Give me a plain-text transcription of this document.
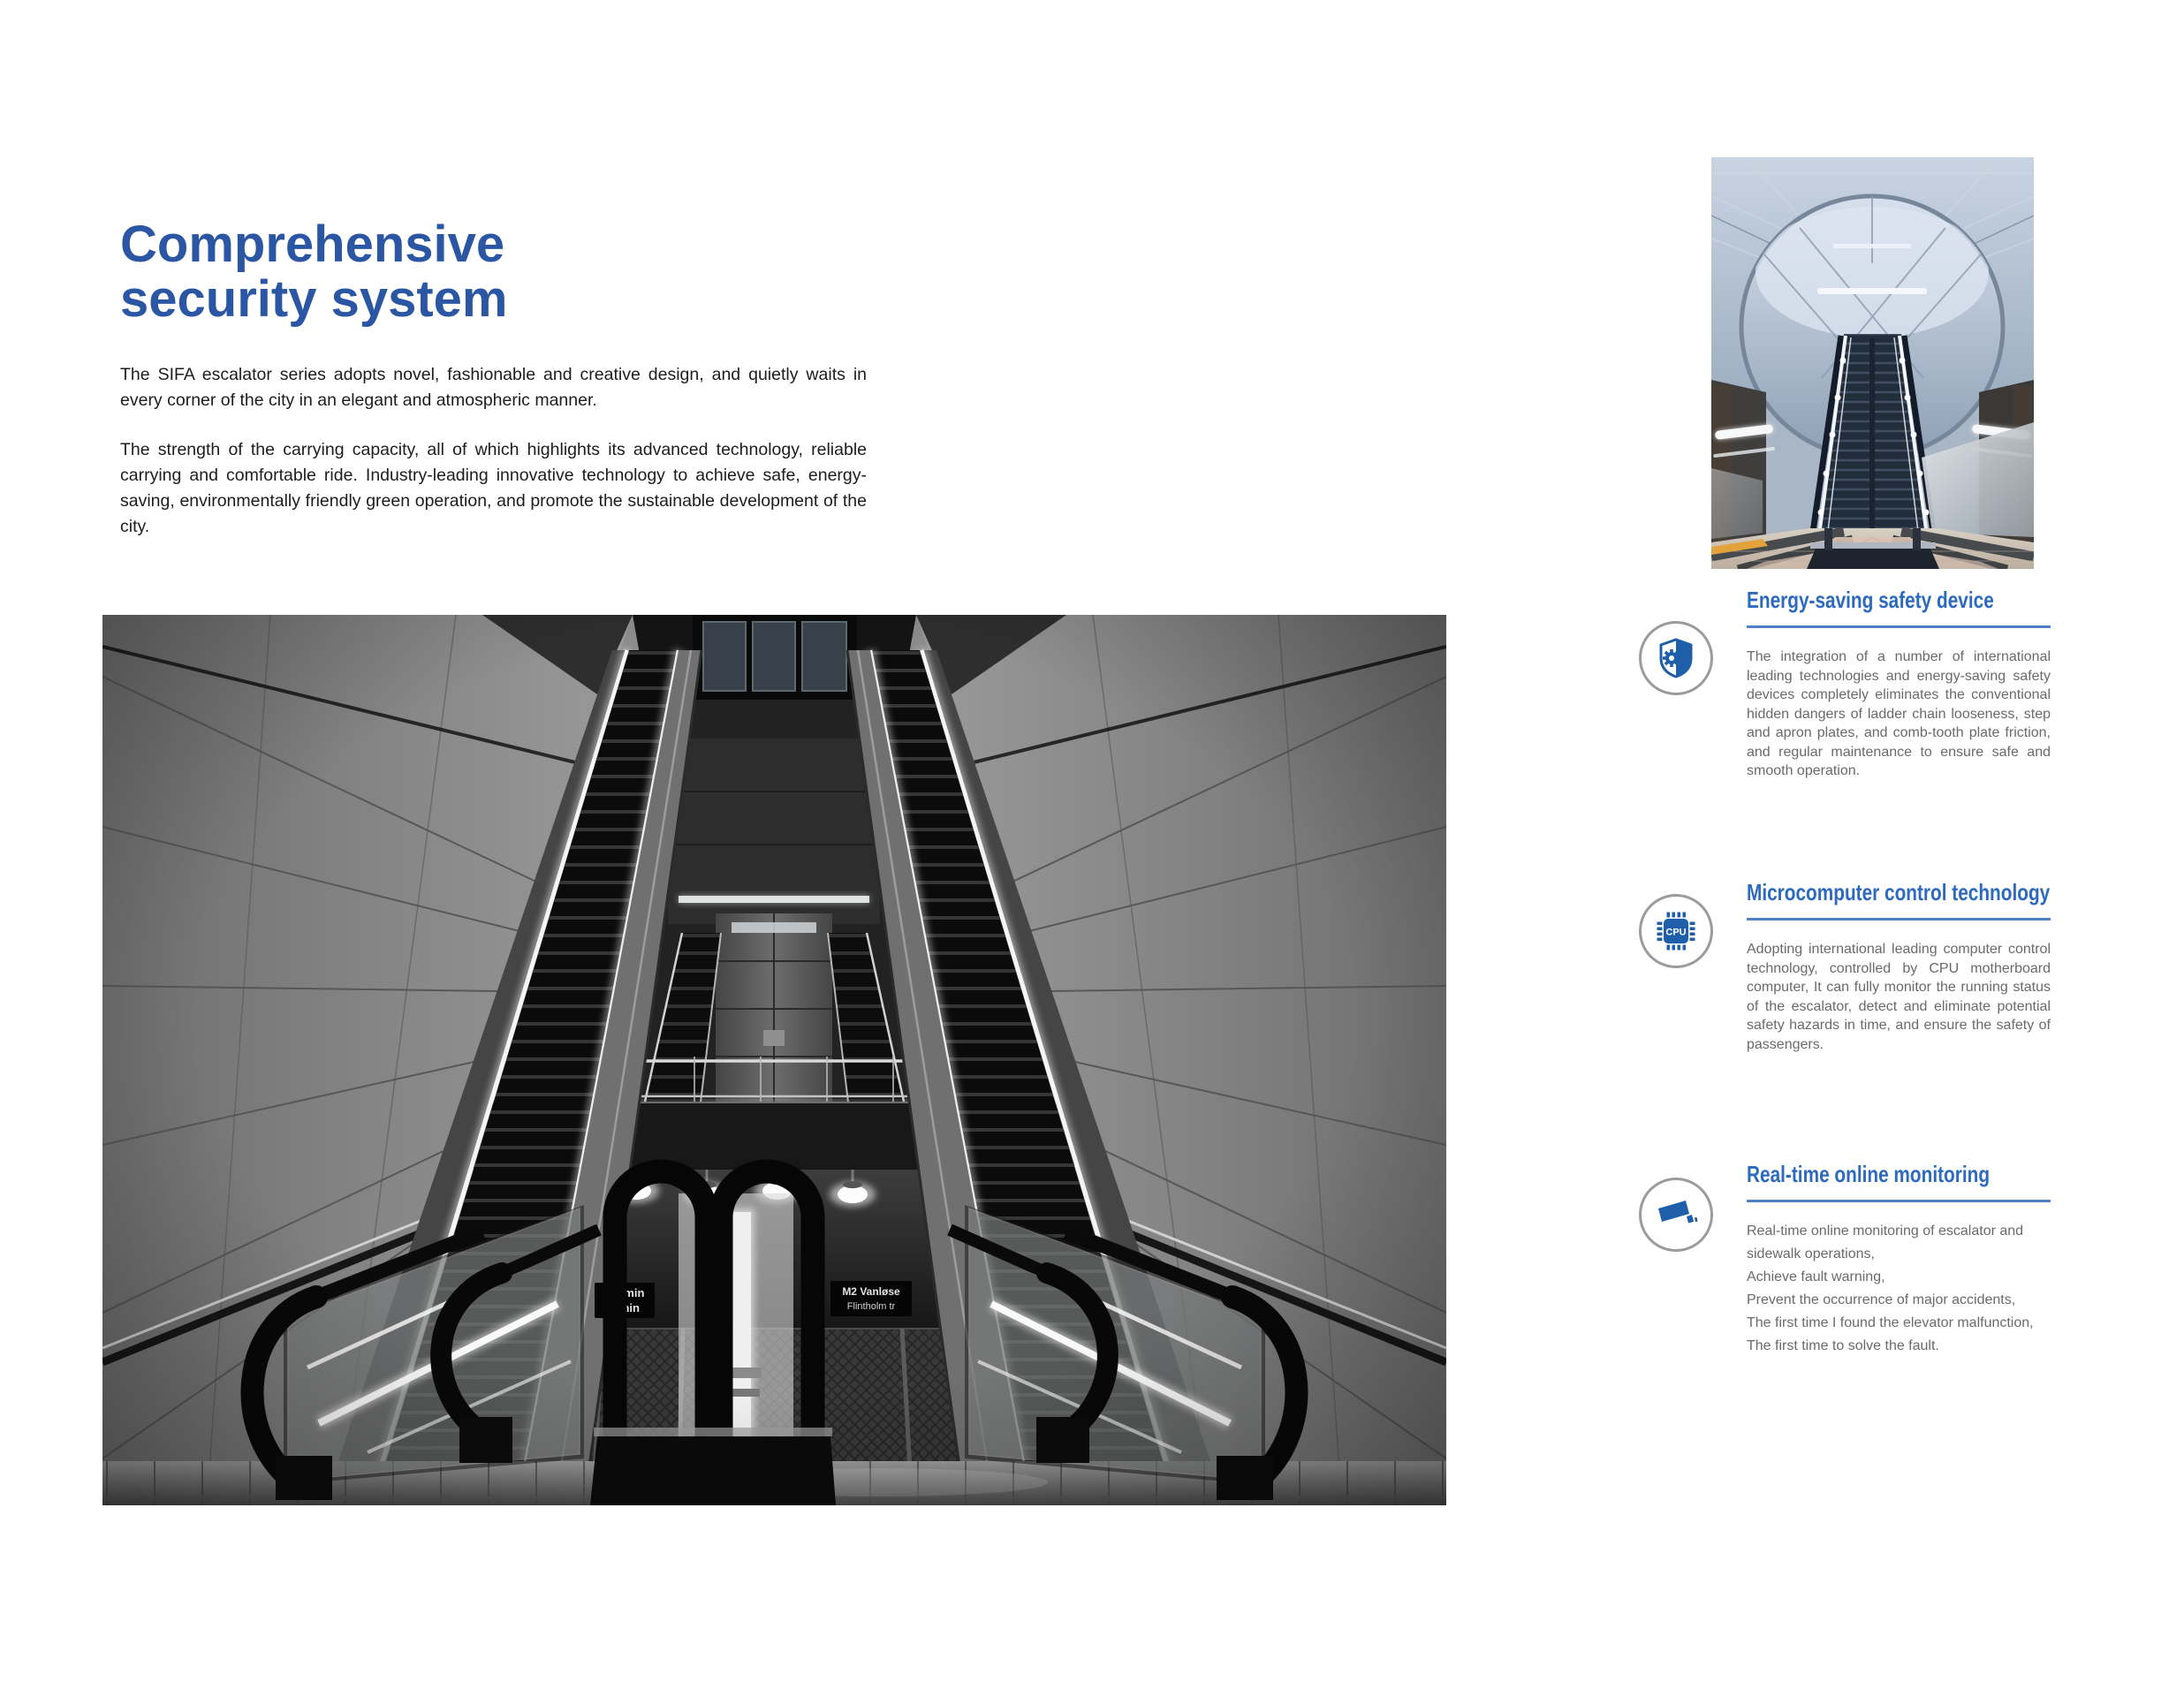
Comprehensive
security system

The SIFA escalator series adopts novel, fashionable and creative design, and quietly waits in every corner of the city in an elegant and atmospheric manner.

The strength of the carrying capacity, all of which highlights its advanced technology, reliable carrying and comfortable ride. Industry-leading innovative technology to achieve safe, energy-saving, environmentally friendly green operation, and promote the sustainable development of the city.

Energy-saving safety device
The integration of a number of international leading technologies and energy-saving safety devices completely eliminates the conventional hidden dangers of ladder chain looseness, step and apron plates, and comb-tooth plate friction, and regular maintenance to ensure safe and smooth operation.
CPU
Microcomputer control technology
Adopting international leading computer control technology, controlled by CPU motherboard computer, It can fully monitor the running status of the escalator, detect and eliminate potential safety hazards in time, and ensure the safety of passengers.
Real-time online monitoring
Real-time online monitoring of escalator and sidewalk operations,
Achieve fault warning,
Prevent the occurrence of major accidents,
The first time I found the elevator malfunction,
The first time to solve the fault.
